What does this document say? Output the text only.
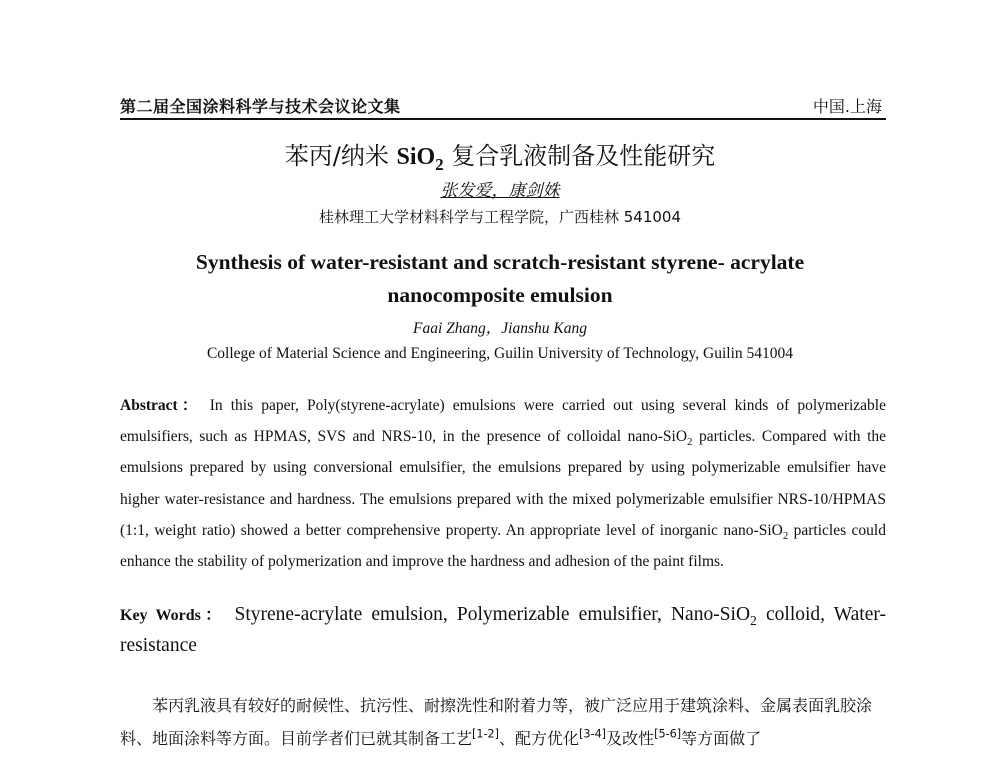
第二届全国涂料科学与技术会议论文集	中国.上海
苯丙/纳米 SiO$_2$ 复合乳液制备及性能研究
张发爱，康剑姝
桂林理工大学材料科学与工程学院，广西桂林 541004
Synthesis of water-resistant and scratch-resistant styrene- acrylate
nanocomposite emulsion
Faai Zhang，Jianshu Kang
College of Material Science and Engineering, Guilin University of Technology, Guilin 541004
Abstract： In this paper, Poly(styrene-acrylate) emulsions were carried out using several kinds of polymerizable emulsifiers, such as HPMAS, SVS and NRS-10, in the presence of colloidal nano-SiO$_2$ particles. Compared with the emulsions prepared by using conversional emulsifier, the emulsions prepared by using polymerizable emulsifier have higher water-resistance and hardness. The emulsions prepared with the mixed polymerizable emulsifier NRS-10/HPMAS (1:1, weight ratio) showed a better comprehensive property. An appropriate level of inorganic nano-SiO$_2$ particles could enhance the stability of polymerization and improve the hardness and adhesion of the paint films.
Key Words： Styrene-acrylate emulsion, Polymerizable emulsifier, Nano-SiO$_2$ colloid, Water-resistance
苯丙乳液具有较好的耐候性、抗污性、耐擦洗性和附着力等，被广泛应用于建筑涂料、金属表面乳胶涂料、地面涂料等方面。目前学者们已就其制备工艺[1-2]、配方优化[3-4]及改性[5-6]等方面做了
